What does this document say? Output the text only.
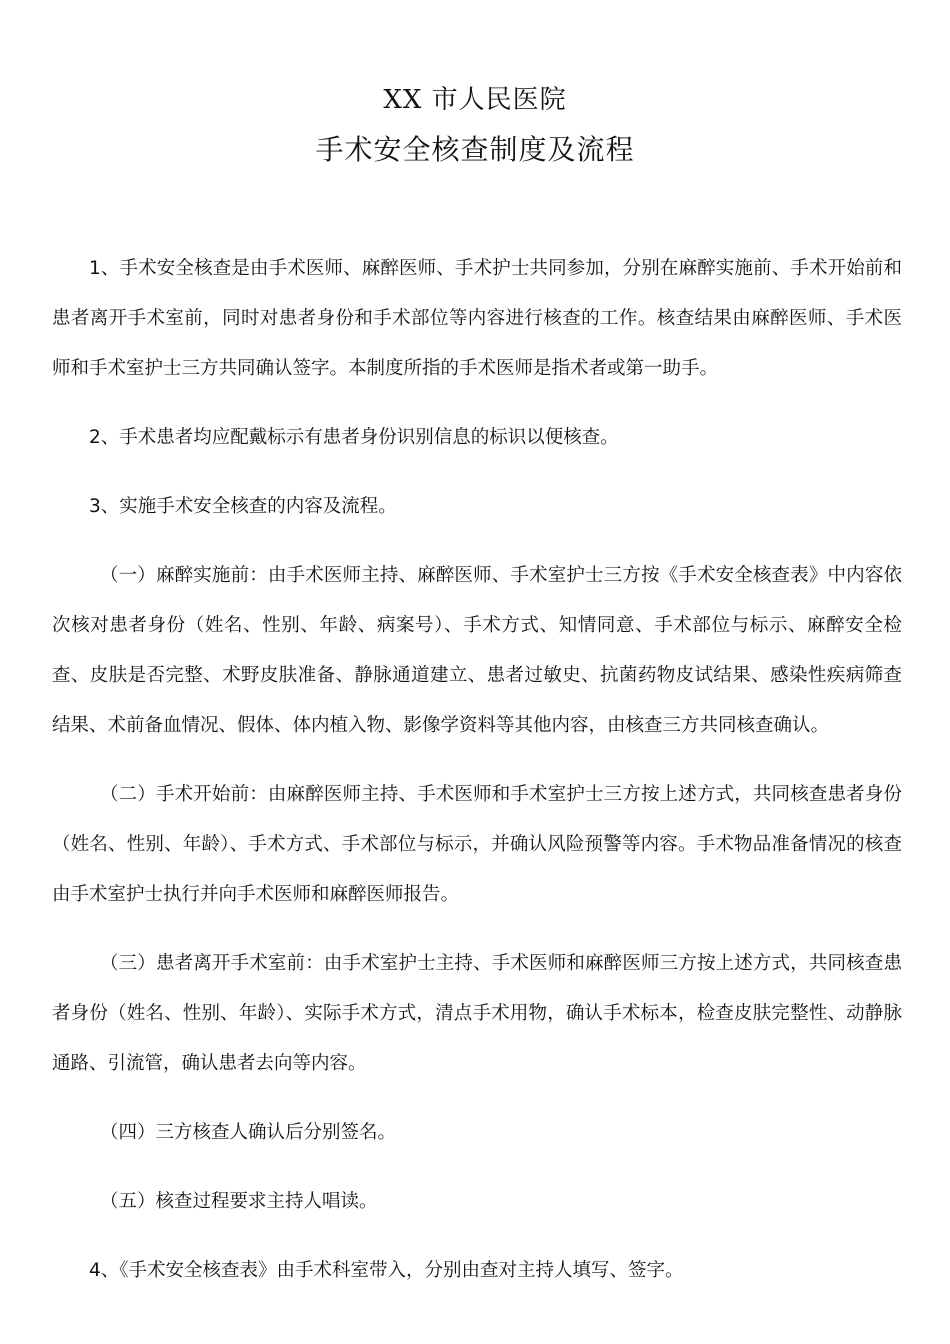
XX 市人民医院
手术安全核查制度及流程

1、手术安全核查是由手术医师、麻醉医师、手术护士共同参加，分别在麻醉实施前、手术开始前和患者离开手术室前，同时对患者身份和手术部位等内容进行核查的工作。核查结果由麻醉医师、手术医师和手术室护士三方共同确认签字。本制度所指的手术医师是指术者或第一助手。

2、手术患者均应配戴标示有患者身份识别信息的标识以便核查。

3、实施手术安全核查的内容及流程。

（一）麻醉实施前：由手术医师主持、麻醉医师、手术室护士三方按《手术安全核查表》中内容依次核对患者身份（姓名、性别、年龄、病案号）、手术方式、知情同意、手术部位与标示、麻醉安全检查、皮肤是否完整、术野皮肤准备、静脉通道建立、患者过敏史、抗菌药物皮试结果、感染性疾病筛查结果、术前备血情况、假体、体内植入物、影像学资料等其他内容，由核查三方共同核查确认。

（二）手术开始前：由麻醉医师主持、手术医师和手术室护士三方按上述方式，共同核查患者身份（姓名、性别、年龄）、手术方式、手术部位与标示，并确认风险预警等内容。手术物品准备情况的核查由手术室护士执行并向手术医师和麻醉医师报告。

（三）患者离开手术室前：由手术室护士主持、手术医师和麻醉医师三方按上述方式，共同核查患者身份（姓名、性别、年龄）、实际手术方式，清点手术用物，确认手术标本，检查皮肤完整性、动静脉通路、引流管，确认患者去向等内容。

（四）三方核查人确认后分别签名。

（五）核查过程要求主持人唱读。

4、《手术安全核查表》由手术科室带入，分别由查对主持人填写、签字。
